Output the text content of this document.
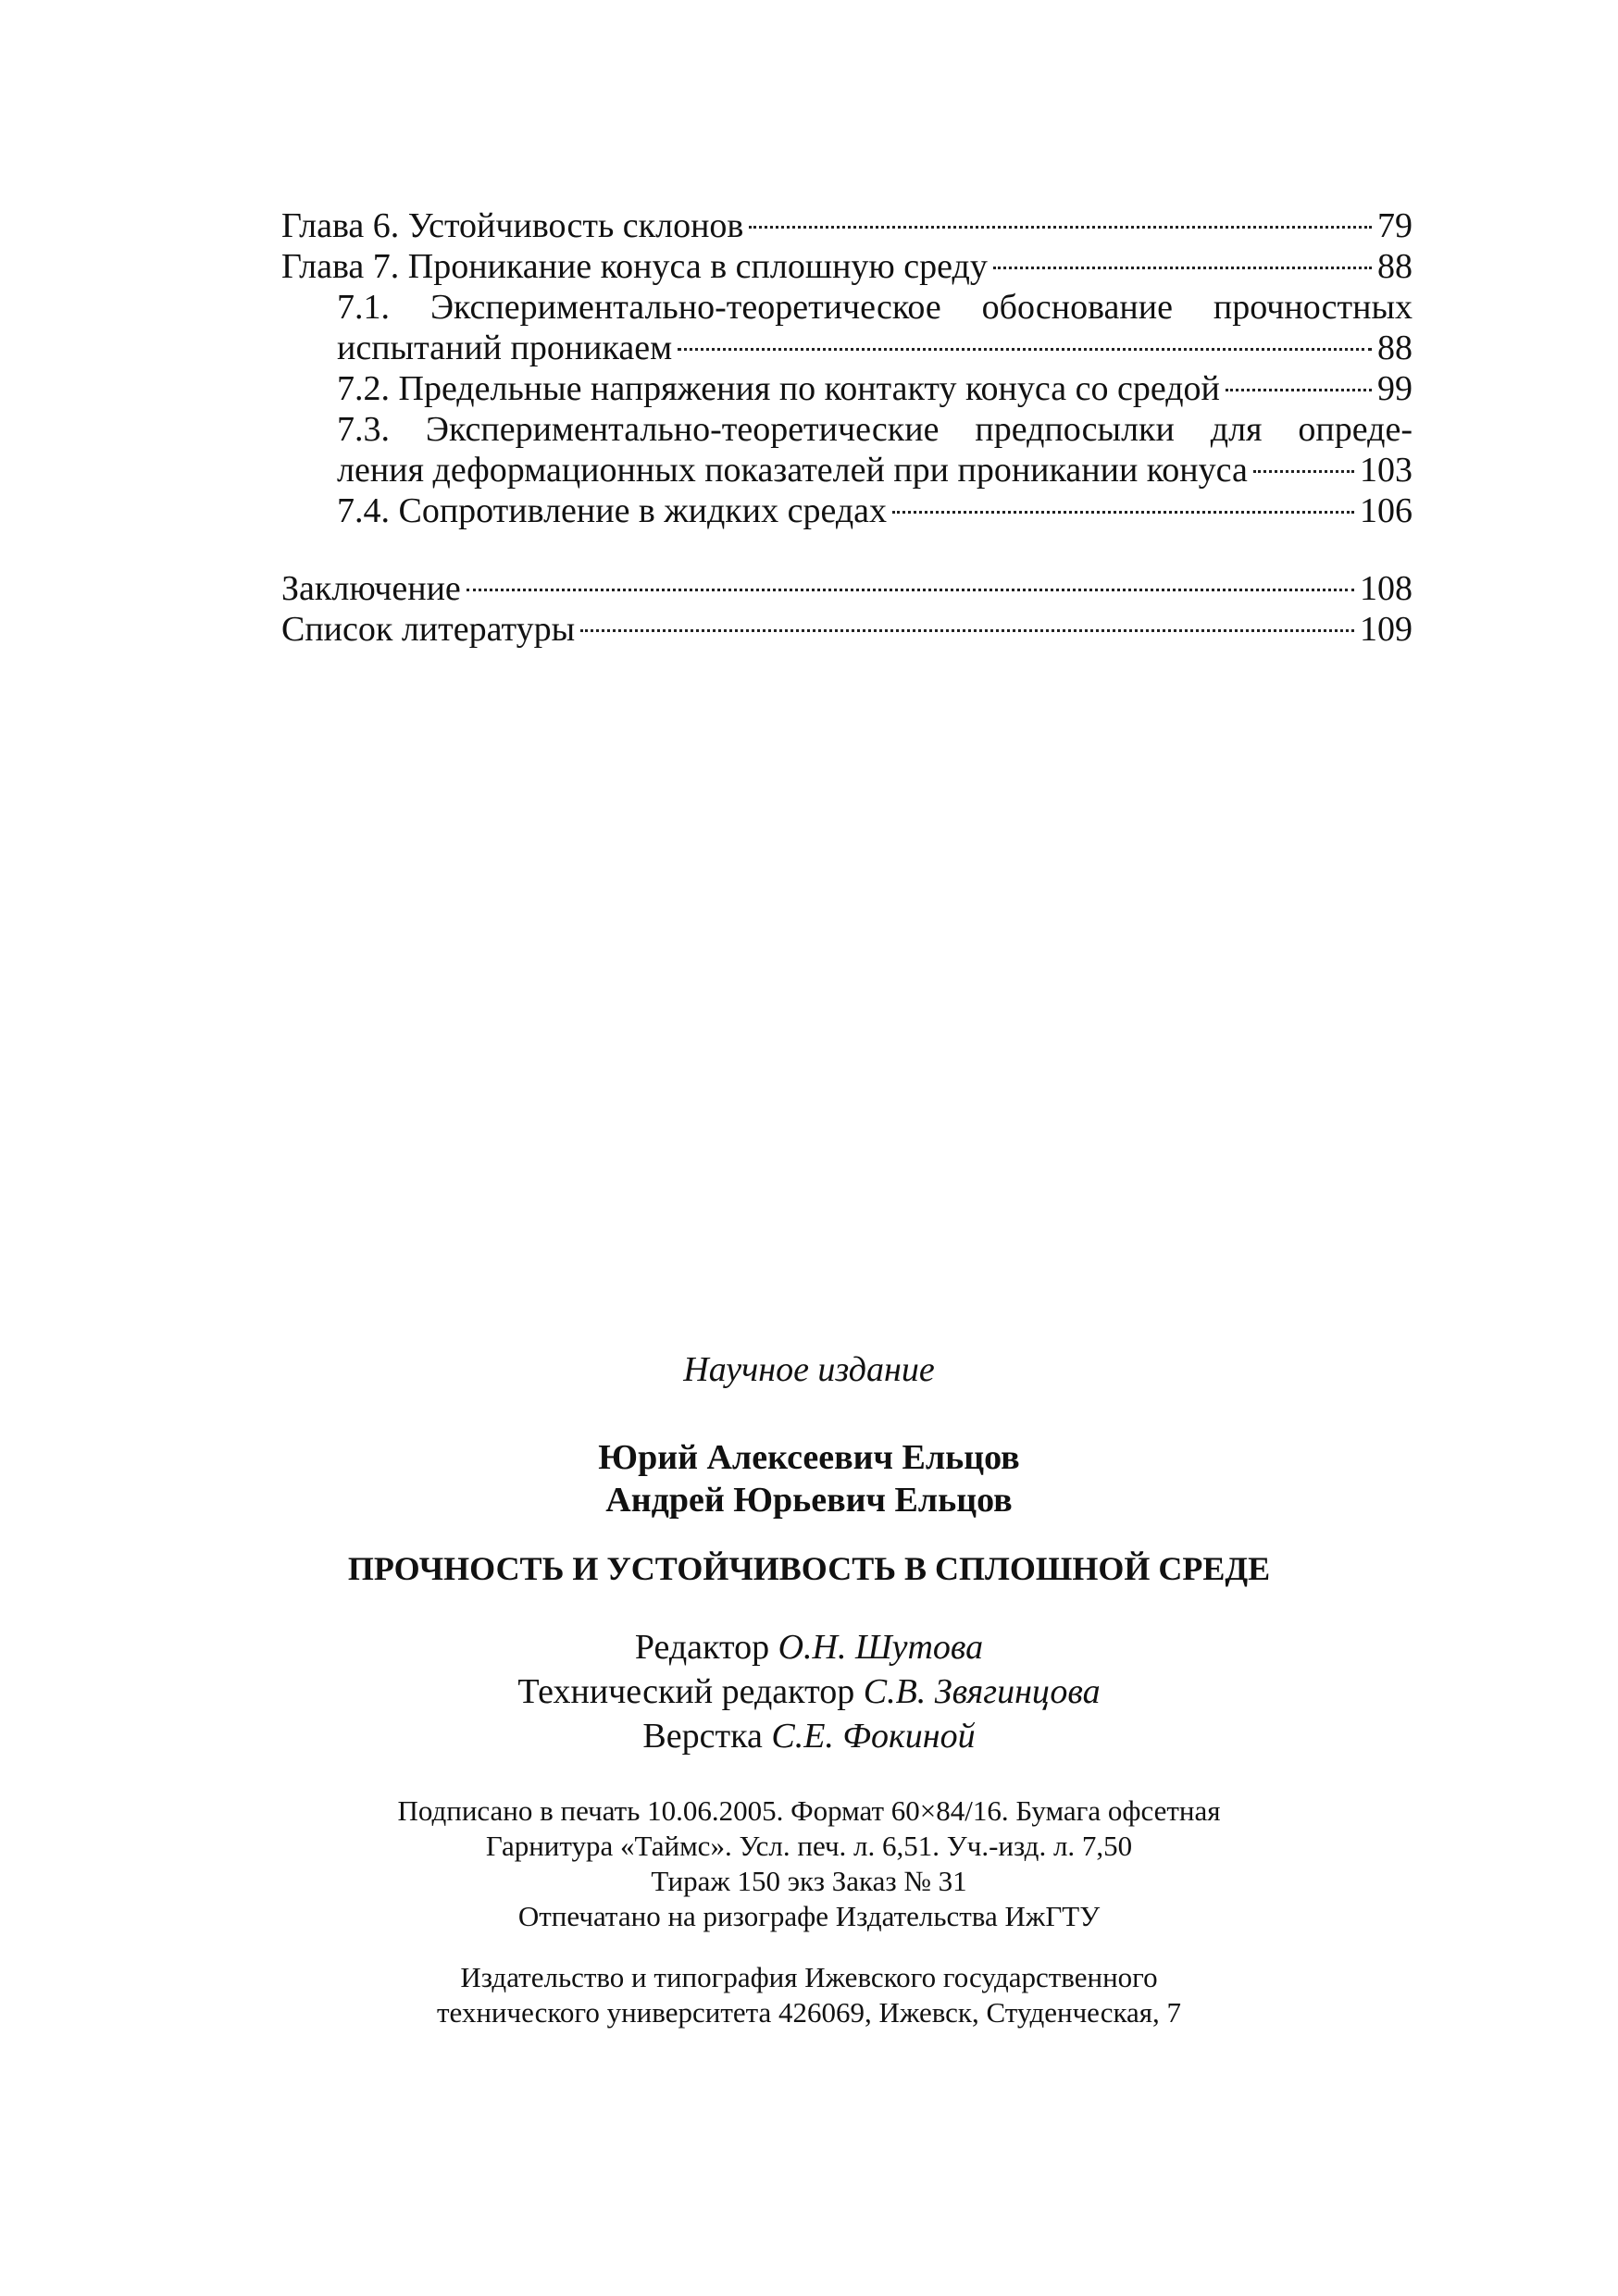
Глава 6. Устойчивость склонов	79
Глава 7. Проникание конуса в сплошную среду	88
7.1. Экспериментально-теоретическое обоснование прочностных
испытаний проникаем	88
7.2. Предельные напряжения по контакту конуса со средой	99
7.3. Экспериментально-теоретические предпосылки для опреде-
ления деформационных показателей при проникании конуса	103
7.4. Сопротивление в жидких средах	106
Заключение	108
Список литературы	109
Научное издание
Юрий Алексеевич Ельцов
Андрей Юрьевич Ельцов
ПРОЧНОСТЬ И УСТОЙЧИВОСТЬ В СПЛОШНОЙ СРЕДЕ
Редактор О.Н. Шутова
Технический редактор С.В. Звягинцова
Верстка С.Е. Фокиной
Подписано в печать 10.06.2005. Формат 60×84/16. Бумага офсетная
Гарнитура «Таймс». Усл. печ. л. 6,51. Уч.-изд. л. 7,50
Тираж 150 экз Заказ № 31
Отпечатано на ризографе Издательства ИжГТУ
Издательство и типография Ижевского государственного
технического университета 426069, Ижевск, Студенческая, 7
